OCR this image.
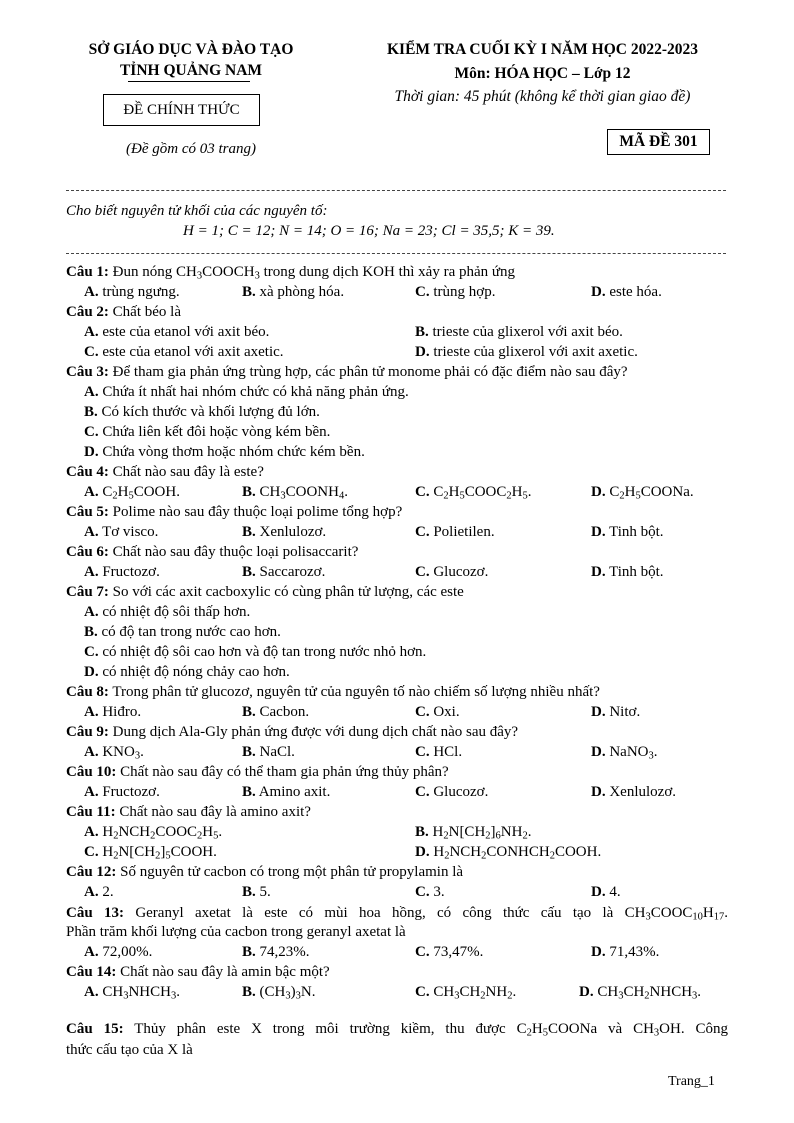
SỞ GIÁO DỤC VÀ ĐÀO TẠO
TỈNH QUẢNG NAM
ĐỀ CHÍNH THỨC
(Đề gồm có 03 trang)
KIỂM TRA CUỐI KỲ I NĂM HỌC 2022-2023
Môn: HÓA HỌC – Lớp 12
Thời gian: 45 phút (không kể thời gian giao đề)
MÃ ĐỀ 301
Cho biết nguyên tử khối của các nguyên tố:
H = 1; C = 12; N = 14; O = 16; Na = 23; Cl = 35,5; K = 39.
Câu 1: Đun nóng $CH_3COOCH_3$ trong dung dịch KOH thì xảy ra phản ứng
A. trùng ngưng.	B. xà phòng hóa.	C. trùng hợp.	D. este hóa.
Câu 2: Chất béo là
A. este của etanol với axit béo.	B. trieste của glixerol với axit béo.
C. este của etanol với axit axetic.	D. trieste của glixerol với axit axetic.
Câu 3: Để tham gia phản ứng trùng hợp, các phân tử monome phải có đặc điểm nào sau đây?
A. Chứa ít nhất hai nhóm chức có khả năng phản ứng.
B. Có kích thước và khối lượng đủ lớn.
C. Chứa liên kết đôi hoặc vòng kém bền.
D. Chứa vòng thơm hoặc nhóm chức kém bền.
Câu 4: Chất nào sau đây là este?
A. $C_2H_5COOH$.	B. $CH_3COONH_4$.	C. $C_2H_5COOC_2H_5$.	D. $C_2H_5COONa$.
Câu 5: Polime nào sau đây thuộc loại polime tổng hợp?
A. Tơ visco.	B. Xenlulozơ.	C. Polietilen.	D. Tinh bột.
Câu 6: Chất nào sau đây thuộc loại polisaccarit?
A. Fructozơ.	B. Saccarozơ.	C. Glucozơ.	D. Tinh bột.
Câu 7: So với các axit cacboxylic có cùng phân tử lượng, các este
A. có nhiệt độ sôi thấp hơn.
B. có độ tan trong nước cao hơn.
C. có nhiệt độ sôi cao hơn và độ tan trong nước nhỏ hơn.
D. có nhiệt độ nóng chảy cao hơn.
Câu 8: Trong phân tử glucozơ, nguyên tử của nguyên tố nào chiếm số lượng nhiều nhất?
A. Hiđro.	B. Cacbon.	C. Oxi.	D. Nitơ.
Câu 9: Dung dịch Ala-Gly phản ứng được với dung dịch chất nào sau đây?
A. $KNO_3$.	B. NaCl.	C. HCl.	D. NaNO$_3$.
Câu 10: Chất nào sau đây có thể tham gia phản ứng thủy phân?
A. Fructozơ.	B. Amino axit.	C. Glucozơ.	D. Xenlulozơ.
Câu 11: Chất nào sau đây là amino axit?
A. $H_2NCH_2COOC_2H_5$.	B. $H_2N[CH_2]_6NH_2$.
C. $H_2N[CH_2]_5COOH$.	D. $H_2NCH_2CONHCH_2COOH$.
Câu 12: Số nguyên tử cacbon có trong một phân tử propylamin là
A. 2.	B. 5.	C. 3.	D. 4.
Câu 13: Geranyl axetat là este có mùi hoa hồng, có công thức cấu tạo là $CH_3COOC_{10}H_{17}$.
Phần trăm khối lượng của cacbon trong geranyl axetat là
A. 72,00%.	B. 74,23%.	C. 73,47%.	D. 71,43%.
Câu 14: Chất nào sau đây là amin bậc một?
A. $CH_3NHCH_3$.	B. $(CH_3)_3N$.	C. $CH_3CH_2NH_2$.	D. $CH_3CH_2NHCH_3$.
Câu 15: Thủy phân este X trong môi trường kiềm, thu được $C_2H_5COONa$ và $CH_3OH$. Công
thức cấu tạo của X là
Trang_1
